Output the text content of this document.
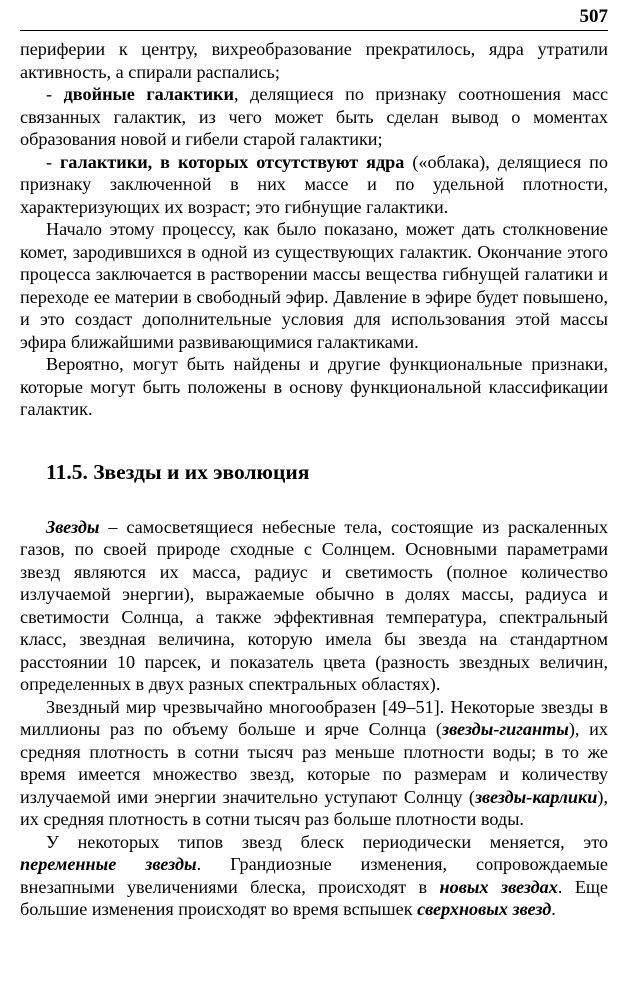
507

периферии к центру, вихреобразование прекратилось, ядра утратили активность, а спирали распались;

- двойные галактики, делящиеся по признаку соотношения масс связанных галактик, из чего может быть сделан вывод о моментах образования новой и гибели старой галактики;

- галактики, в которых отсутствуют ядра («облака), делящиеся по признаку заключенной в них массе и по удельной плотности, характеризующих их возраст; это гибнущие галактики.

Начало этому процессу, как было показано, может дать столкновение комет, зародившихся в одной из существующих галактик. Окончание этого процесса заключается в растворении массы вещества гибнущей галатики и переходе ее материи в свободный эфир. Давление в эфире будет повышено, и это создаст дополнительные условия для использования этой массы эфира ближайшими развивающимися галактиками.

Вероятно, могут быть найдены и другие функциональные признаки, которые могут быть положены в основу функциональной классификации галактик.

11.5. Звезды и их эволюция

Звезды – самосветящиеся небесные тела, состоящие из раскаленных газов, по своей природе сходные с Солнцем. Основными параметрами звезд являются их масса, радиус и светимость (полное количество излучаемой энергии), выражаемые обычно в долях массы, радиуса и светимости Солнца, а также эффективная температура, спектральный класс, звездная величина, которую имела бы звезда на стандартном расстоянии 10 парсек, и показатель цвета (разность звездных величин, определенных в двух разных спектральных областях).

Звездный мир чрезвычайно многообразен [49–51]. Некоторые звезды в миллионы раз по объему больше и ярче Солнца (звезды-гиганты), их средняя плотность в сотни тысяч раз меньше плотности воды; в то же время имеется множество звезд, которые по размерам и количеству излучаемой ими энергии значительно уступают Солнцу (звезды-карлики), их средняя плотность в сотни тысяч раз больше плотности воды.

У некоторых типов звезд блеск периодически меняется, это переменные звезды. Грандиозные изменения, сопровождаемые внезапными увеличениями блеска, происходят в новых звездах. Еще большие изменения происходят во время вспышек сверхновых звезд.
